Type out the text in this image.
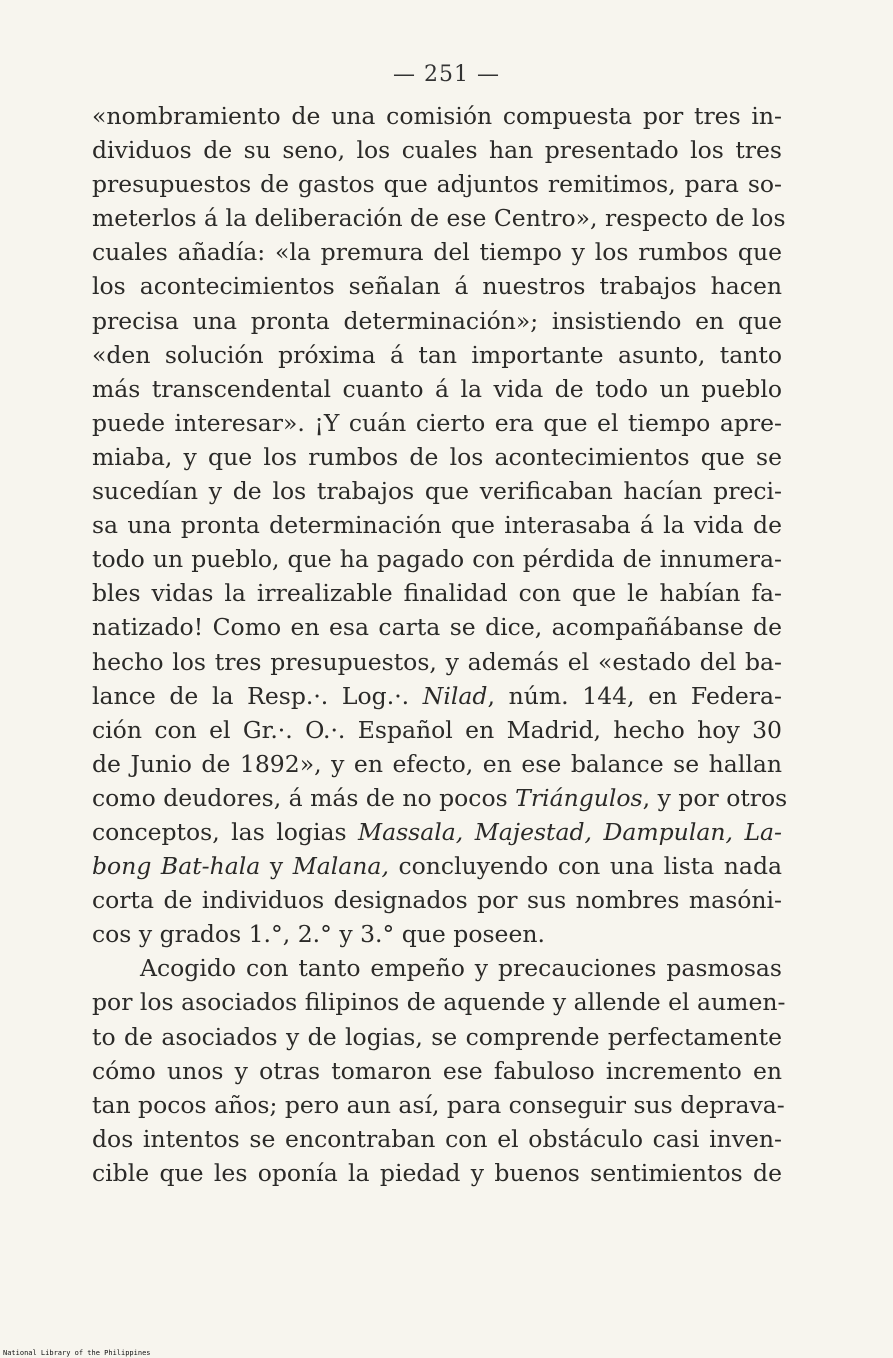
— 251 —
«nombramiento de una comisión compuesta por tres in-
dividuos de su seno, los cuales han presentado los tres
presupuestos de gastos que adjuntos remitimos, para so-
meterlos á la deliberación de ese Centro», respecto de los
cuales añadía: «la premura del tiempo y los rumbos que
los acontecimientos señalan á nuestros trabajos hacen
precisa una pronta determinación»; insistiendo en que
«den solución próxima á tan importante asunto, tanto
más transcendental cuanto á la vida de todo un pueblo
puede interesar». ¡Y cuán cierto era que el tiempo apre-
miaba, y que los rumbos de los acontecimientos que se
sucedían y de los trabajos que verificaban hacían preci-
sa una pronta determinación que interasaba á la vida de
todo un pueblo, que ha pagado con pérdida de innumera-
bles vidas la irrealizable finalidad con que le habían fa-
natizado! Como en esa carta se dice, acompañábanse de
hecho los tres presupuestos, y además el «estado del ba-
lance de la Resp.·. Log.·. Nilad, núm. 144, en Federa-
ción con el Gr.·. O.·. Español en Madrid, hecho hoy 30
de Junio de 1892», y en efecto, en ese balance se hallan
como deudores, á más de no pocos Triángulos, y por otros
conceptos, las logias Massala, Majestad, Dampulan, La-
bong Bat-hala y Malana, concluyendo con una lista nada
corta de individuos designados por sus nombres masóni-
cos y grados 1.°, 2.° y 3.° que poseen.
Acogido con tanto empeño y precauciones pasmosas
por los asociados filipinos de aquende y allende el aumen-
to de asociados y de logias, se comprende perfectamente
cómo unos y otras tomaron ese fabuloso incremento en
tan pocos años; pero aun así, para conseguir sus deprava-
dos intentos se encontraban con el obstáculo casi inven-
cible que les oponía la piedad y buenos sentimientos de
National Library of the Philippines
